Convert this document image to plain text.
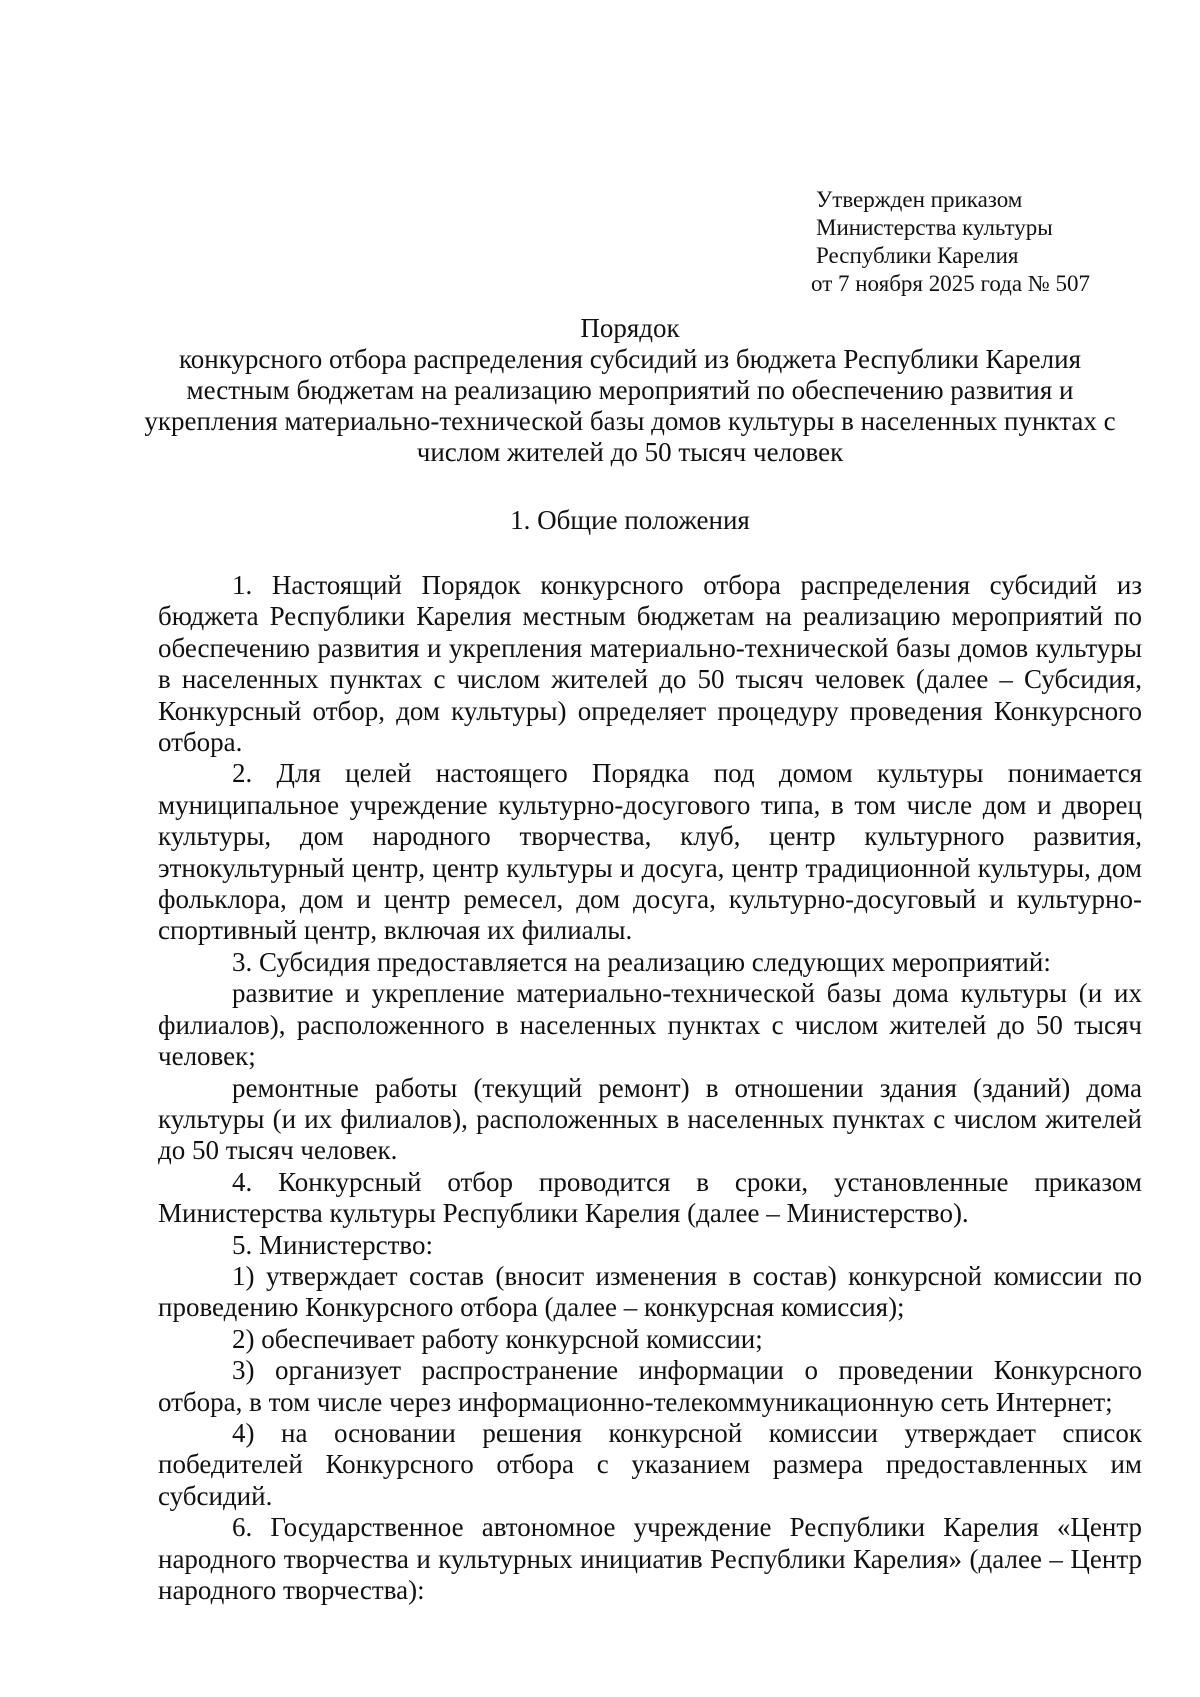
Утвержден приказом
Министерства культуры
Республики Карелия
от 7 ноября 2025 года № 507
Порядок
конкурсного отбора распределения субсидий из бюджета Республики Карелия
местным бюджетам на реализацию мероприятий по обеспечению развития и
укрепления материально-технической базы домов культуры в населенных пунктах с
числом жителей до 50 тысяч человек
1. Общие положения

1. Настоящий Порядок конкурсного отбора распределения субсидий из бюджета Республики Карелия местным бюджетам на реализацию мероприятий по обеспечению развития и укрепления материально-технической базы домов культуры в населенных пунктах с числом жителей до 50 тысяч человек (далее – Субсидия, Конкурсный отбор, дом культуры) определяет процедуру проведения Конкурсного отбора.

2. Для целей настоящего Порядка под домом культуры понимается муниципальное учреждение культурно-досугового типа, в том числе дом и дворец культуры, дом народного творчества, клуб, центр культурного развития, этнокультурный центр, центр культуры и досуга, центр традиционной культуры, дом фольклора, дом и центр ремесел, дом досуга, культурно-досуговый и культурно-спортивный центр, включая их филиалы.

3. Субсидия предоставляется на реализацию следующих мероприятий:

развитие и укрепление материально-технической базы дома культуры (и их филиалов), расположенного в населенных пунктах с числом жителей до 50 тысяч человек;

ремонтные работы (текущий ремонт) в отношении здания (зданий) дома культуры (и их филиалов), расположенных в населенных пунктах с числом жителей до 50 тысяч человек.

4. Конкурсный отбор проводится в сроки, установленные приказом Министерства культуры Республики Карелия (далее – Министерство).

5. Министерство:

1) утверждает состав (вносит изменения в состав) конкурсной комиссии по проведению Конкурсного отбора (далее – конкурсная комиссия);

2) обеспечивает работу конкурсной комиссии;

3) организует распространение информации о проведении Конкурсного отбора, в том числе через информационно-телекоммуникационную сеть Интернет;

4) на основании решения конкурсной комиссии утверждает список победителей Конкурсного отбора с указанием размера предоставленных им субсидий.

6. Государственное автономное учреждение Республики Карелия «Центр народного творчества и культурных инициатив Республики Карелия» (далее – Центр народного творчества):
